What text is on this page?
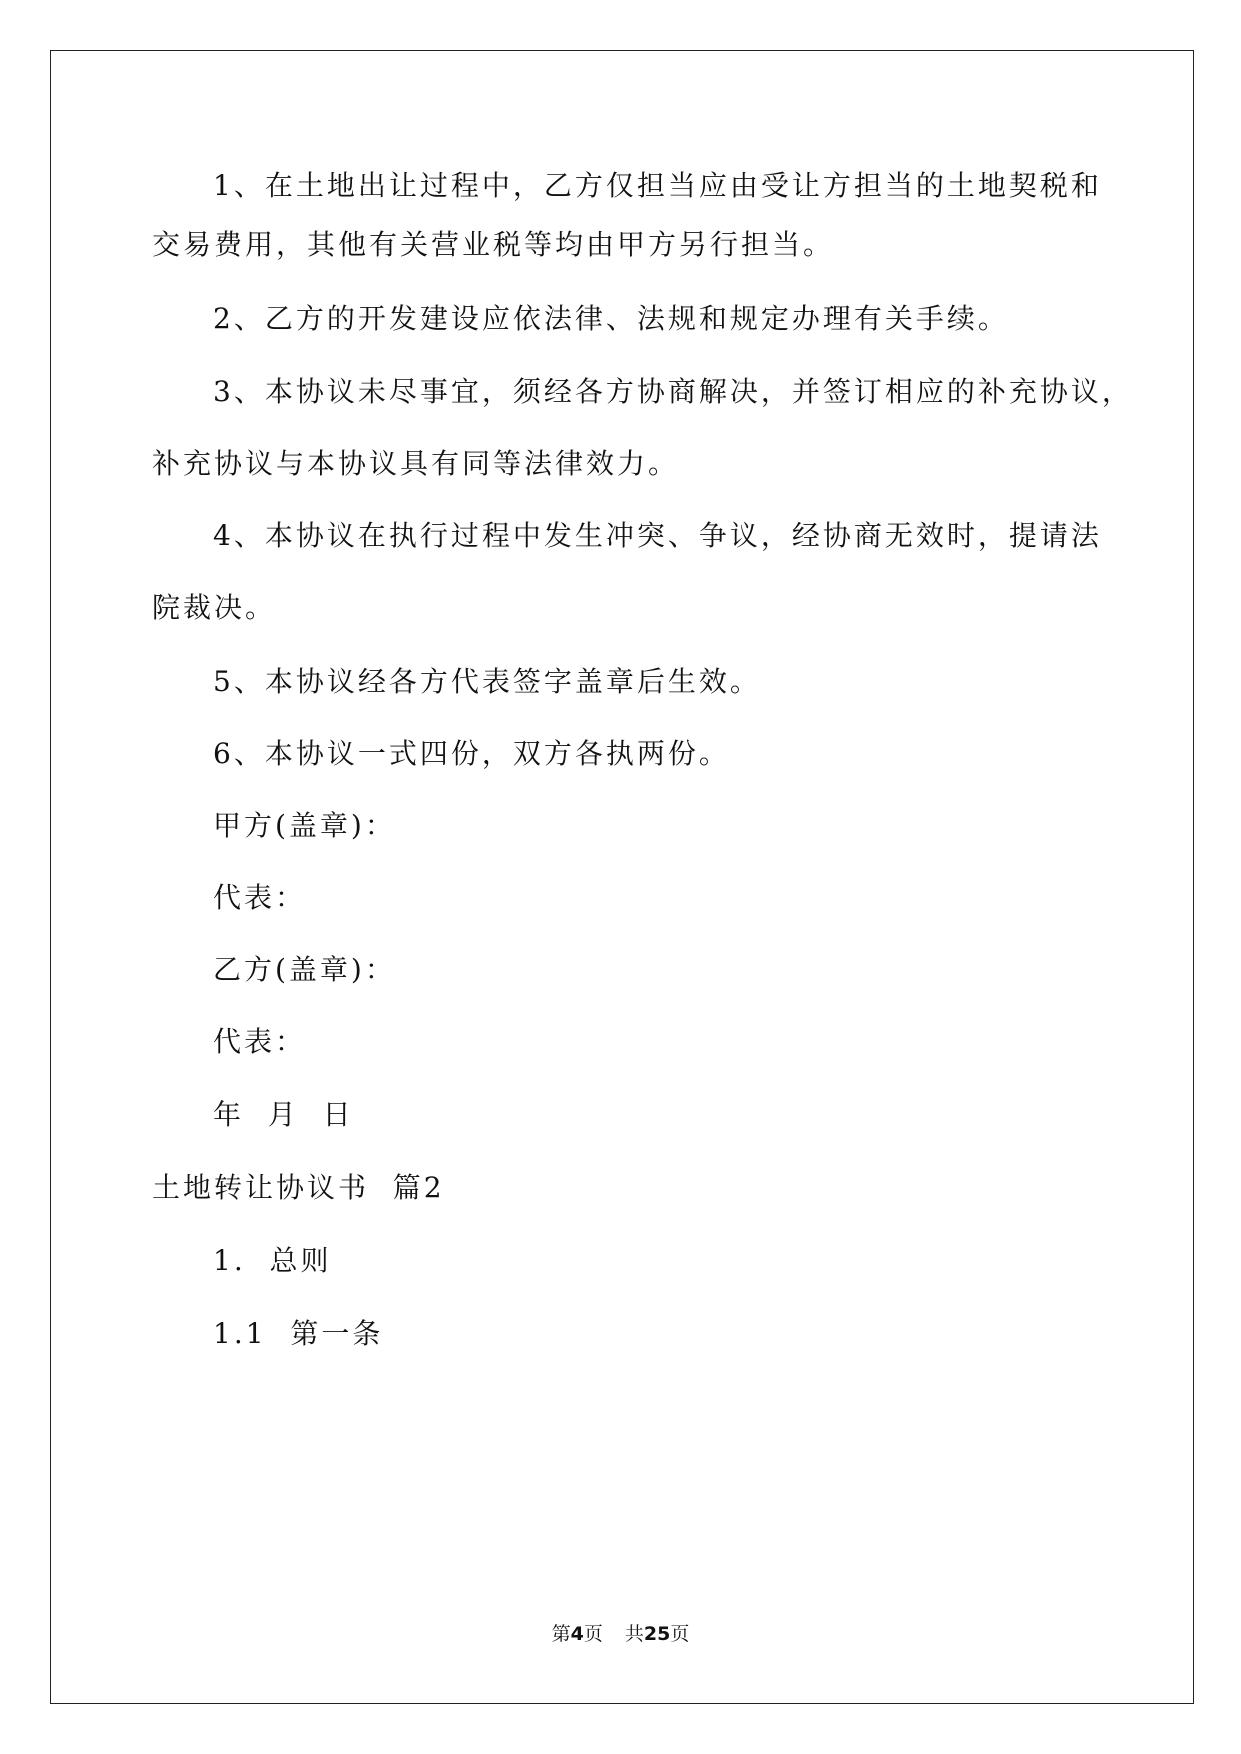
1、在土地出让过程中，乙方仅担当应由受让方担当的土地契税和
交易费用，其他有关营业税等均由甲方另行担当。
2、乙方的开发建设应依法律、法规和规定办理有关手续。
3、本协议未尽事宜，须经各方协商解决，并签订相应的补充协议，
补充协议与本协议具有同等法律效力。
4、本协议在执行过程中发生冲突、争议，经协商无效时，提请法
院裁决。
5、本协议经各方代表签字盖章后生效。
6、本协议一式四份，双方各执两份。
甲方(盖章)：
代表：
乙方(盖章)：
代表：
年  月  日
土地转让协议书  篇2
1.  总则
1.1  第一条
第4页 共25页
